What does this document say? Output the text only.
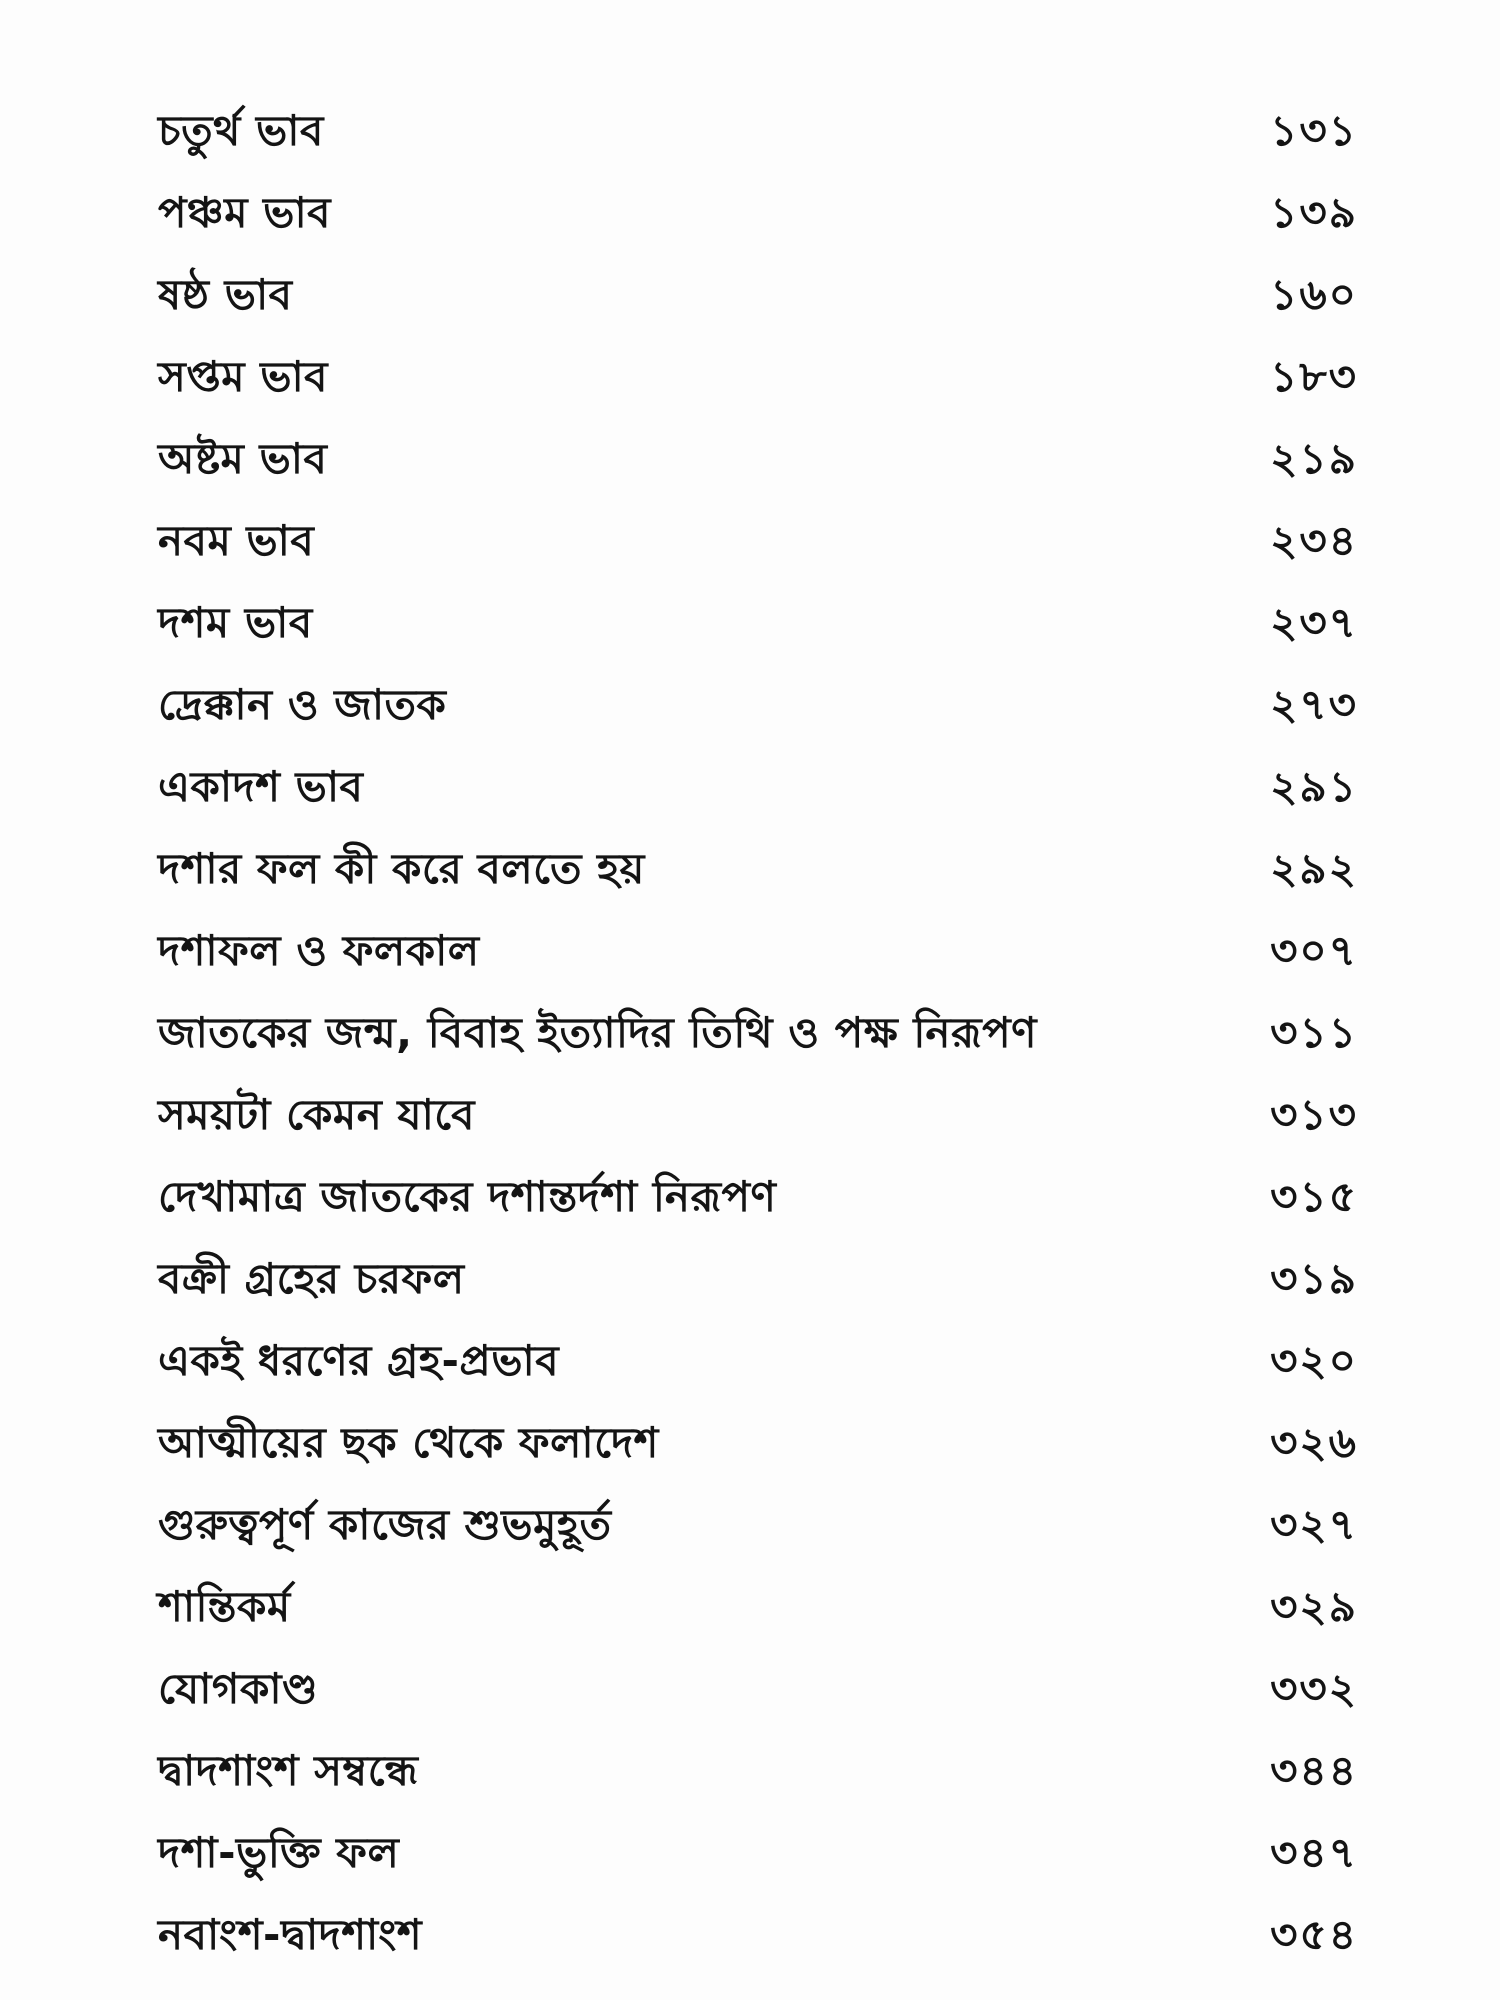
চতুর্থ ভাব	১৩১
পঞ্চম ভাব	১৩৯
ষষ্ঠ ভাব	১৬০
সপ্তম ভাব	১৮৩
অষ্টম ভাব	২১৯
নবম ভাব	২৩৪
দশম ভাব	২৩৭
দ্রেক্কান ও জাতক	২৭৩
একাদশ ভাব	২৯১
দশার ফল কী করে বলতে হয়	২৯২
দশাফল ও ফলকাল	৩০৭
জাতকের জন্ম, বিবাহ ইত্যাদির তিথি ও পক্ষ নিরূপণ	৩১১
সময়টা কেমন যাবে	৩১৩
দেখামাত্র জাতকের দশান্তর্দশা নিরূপণ	৩১৫
বক্রী গ্রহের চরফল	৩১৯
একই ধরণের গ্রহ-প্রভাব	৩২০
আত্মীয়ের ছক থেকে ফলাদেশ	৩২৬
গুরুত্বপূর্ণ কাজের শুভমুহূর্ত	৩২৭
শান্তিকর্ম	৩২৯
যোগকাণ্ড	৩৩২
দ্বাদশাংশ সম্বন্ধে	৩৪৪
দশা-ভুক্তি ফল	৩৪৭
নবাংশ-দ্বাদশাংশ	৩৫৪
